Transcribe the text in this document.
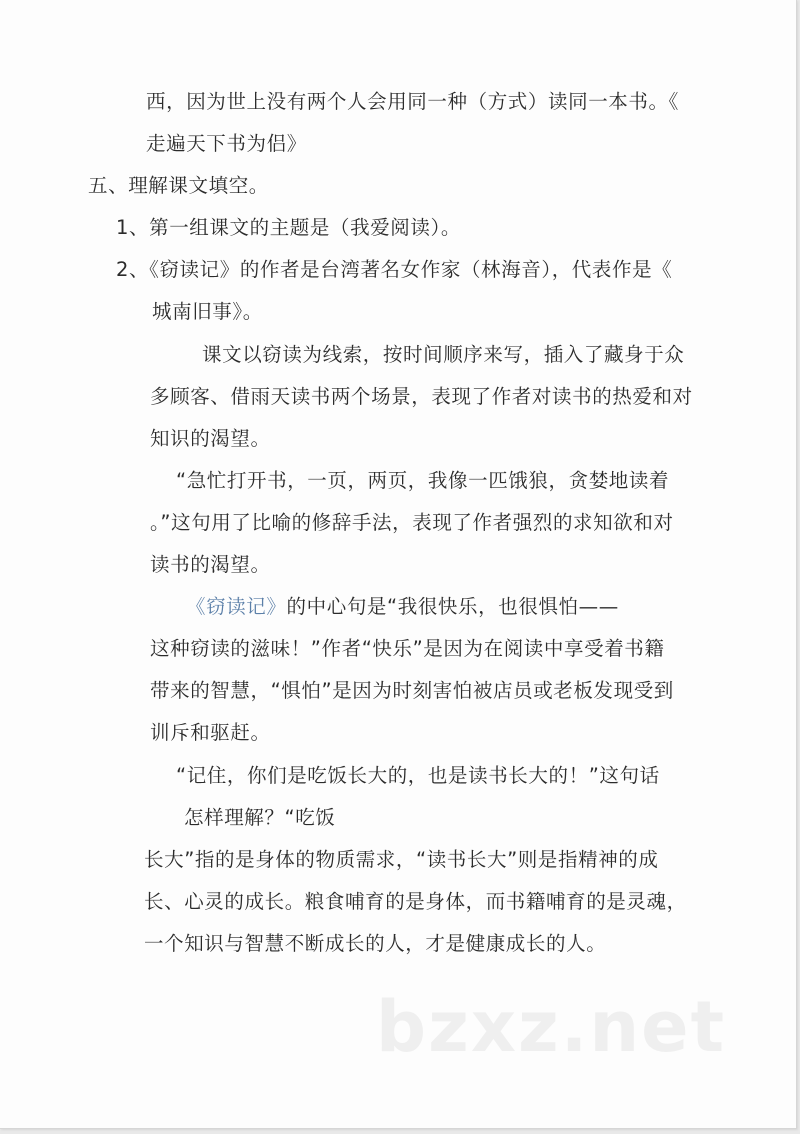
西，因为世上没有两个人会用同一种（方式）读同一本书。《
走遍天下书为侣》
五、理解课文填空。
1、第一组课文的主题是（我爱阅读）。
2、《窃读记》的作者是台湾著名女作家（林海音），代表作是《
城南旧事》。
课文以窃读为线索，按时间顺序来写，插入了藏身于众
多顾客、借雨天读书两个场景，表现了作者对读书的热爱和对
知识的渴望。
“急忙打开书，一页，两页，我像一匹饿狼，贪婪地读着
。”这句用了比喻的修辞手法，表现了作者强烈的求知欲和对
读书的渴望。
《窃读记》的中心句是“我很快乐，也很惧怕——
这种窃读的滋味！”作者“快乐”是因为在阅读中享受着书籍
带来的智慧，“惧怕”是因为时刻害怕被店员或老板发现受到
训斥和驱赶。
“记住，你们是吃饭长大的，也是读书长大的！”这句话
怎样理解？“吃饭
长大”指的是身体的物质需求，“读书长大”则是指精神的成
长、心灵的成长。粮食哺育的是身体，而书籍哺育的是灵魂，
一个知识与智慧不断成长的人，才是健康成长的人。
bzxz.net
